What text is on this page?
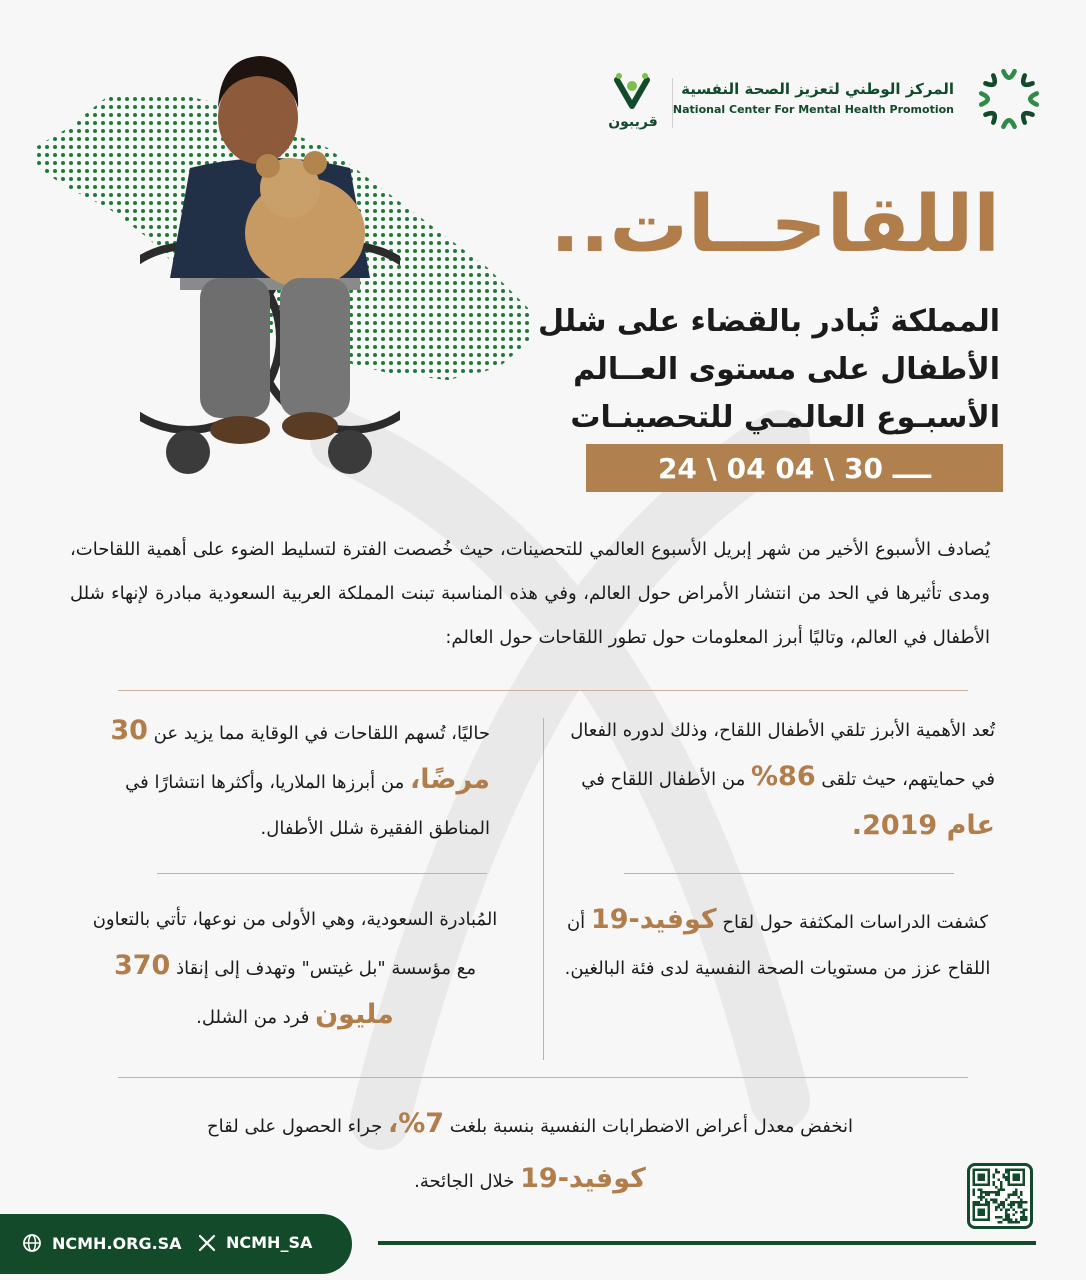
المركز الوطني لتعزيز الصحة النفسية
National Center For Mental Health Promotion
قريبون
اللقاحــات..
المملكة تُبادر بالقضاء على شلل
الأطفال على مستوى العــالم
الأسبـوع العالمـي للتحصينـات
24 \ 04 ــــ 30 \ 04
يُصادف الأسبوع الأخير من شهر إبريل الأسبوع العالمي للتحصينات، حيث خُصصت الفترة لتسليط الضوء على أهمية اللقاحات، ومدى تأثيرها في الحد من انتشار الأمراض حول العالم، وفي هذه المناسبة تبنت المملكة العربية السعودية مبادرة لإنهاء شلل الأطفال في العالم، وتاليًا أبرز المعلومات حول تطور اللقاحات حول العالم:
تُعد الأهمية الأبرز تلقي الأطفال اللقاح، وذلك لدوره الفعال في حمايتهم، حيث تلقى 86% من الأطفال اللقاح في عام 2019.
حاليًا، تُسهم اللقاحات في الوقاية مما يزيد عن 30 مرضًا، من أبرزها الملاريا، وأكثرها انتشارًا في المناطق الفقيرة شلل الأطفال.
كشفت الدراسات المكثفة حول لقاح كوفيد-19 أن اللقاح عزز من مستويات الصحة النفسية لدى فئة البالغين.
المُبادرة السعودية، وهي الأولى من نوعها، تأتي بالتعاون مع مؤسسة "بل غيتس" وتهدف إلى إنقاذ 370 مليون فرد من الشلل.
انخفض معدل أعراض الاضطرابات النفسية بنسبة بلغت 7%، جراء الحصول على لقاح كوفيد-19 خلال الجائحة.
NCMH.ORG.SA	NCMH_SA
